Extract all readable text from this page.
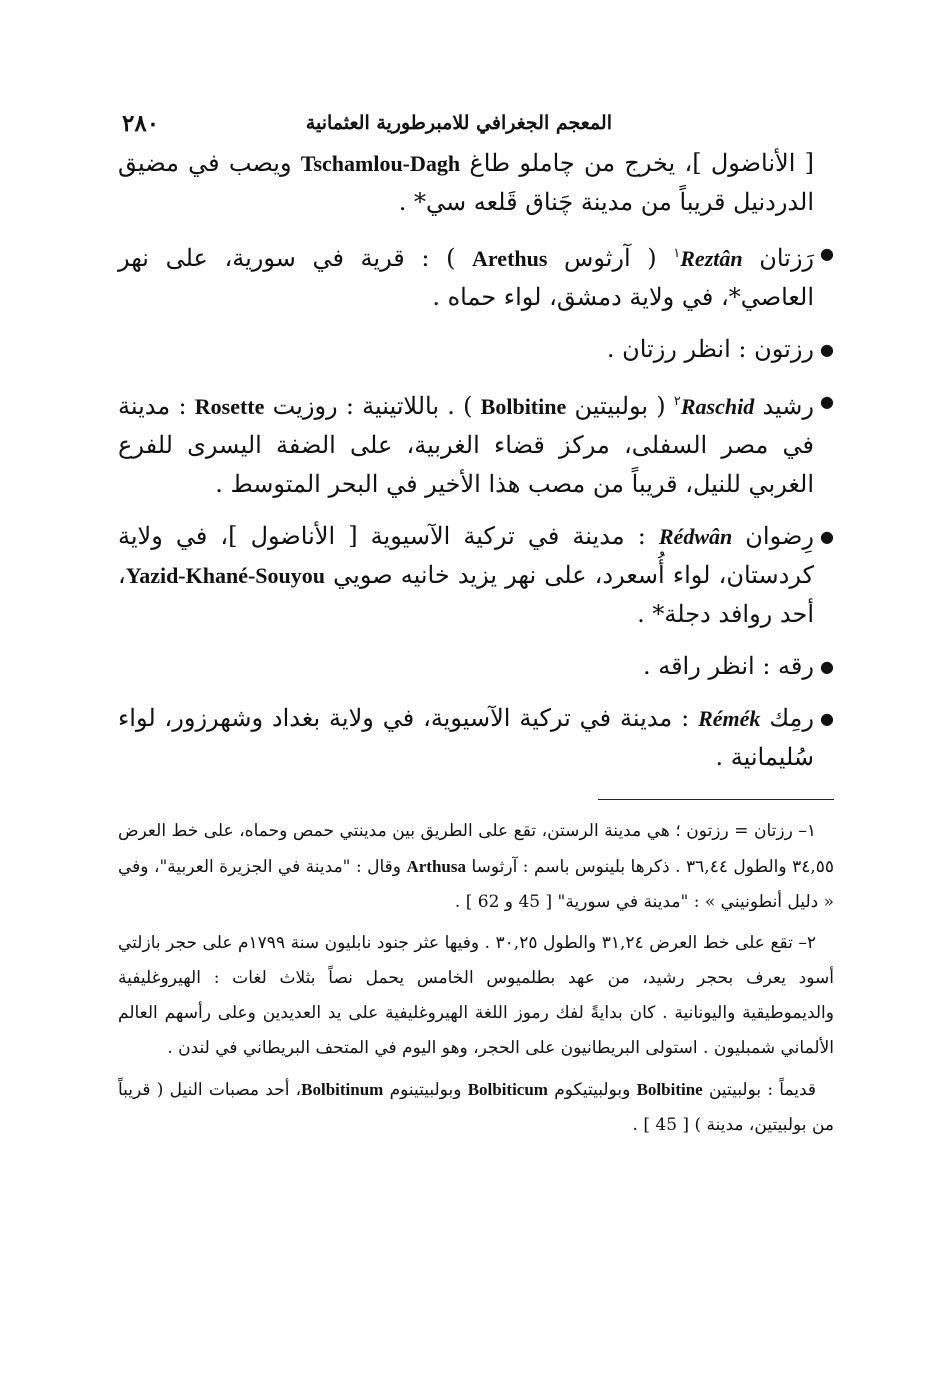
٢٨٠	المعجم الجغرافي للامبرطورية العثمانية

[ الأناضول ]، يخرج من چاملو طاغ Tschamlou-Dagh ويصب في مضيق الدردنيل قريباً من مدينة چَناق قَلعه سي* .

●
رَزتان Reztân$^١$ ( آرثوس Arethus ) : قرية في سورية، على نهر العاصي*، في ولاية دمشق، لواء حماه .

●
رزتون : انظر رزتان .

●
رشيد Raschid$^٢$ ( بولبيتين Bolbitine ) . باللاتينية : روزيت Rosette : مدينة في مصر السفلى، مركز قضاء الغربية، على الضفة اليسرى للفرع الغربي للنيل، قريباً من مصب هذا الأخير في البحر المتوسط .

●
رِضوان Rédwân : مدينة في تركية الآسيوية [ الأناضول ]، في ولاية كردستان، لواء أُسعرد، على نهر يزيد خانيه صويي Yazid-Khané-Souyou، أحد روافد دجلة* .

●
رقه : انظر راقه .

●
رمِك Rémék : مدينة في تركية الآسيوية، في ولاية بغداد وشهرزور، لواء سُليمانية .

١– رزتان = رزتون ؛ هي مدينة الرستن، تقع على الطريق بين مدينتي حمص وحماه، على خط العرض ٣٤,٥٥ والطول ٣٦,٤٤ . ذكرها بلينوس باسم : آرثوسا Arthusa وقال : "مدينة في الجزيرة العربية"، وفي « دليل أنطونيني » : "مدينة في سورية" [ 45 و 62 ] .

٢– تقع على خط العرض ٣١,٢٤ والطول ٣٠,٢٥ . وفيها عثر جنود نابليون سنة ١٧٩٩م على حجر بازلتي أسود يعرف بحجر رشيد، من عهد بطلميوس الخامس يحمل نصاً بثلاث لغات : الهيروغليفية والديموطيقية واليونانية . كان بدايةً لفك رموز اللغة الهيروغليفية على يد العديدين وعلى رأسهم العالم الألماني شمبليون . استولى البريطانيون على الحجر، وهو اليوم في المتحف البريطاني في لندن .

قديماً : بولبيتين Bolbitine وبولبيتيكوم Bolbiticum وبولبيتينوم Bolbitinum، أحد مصبات النيل ( قريباً من بولبيتين، مدينة ) [ 45 ] .
